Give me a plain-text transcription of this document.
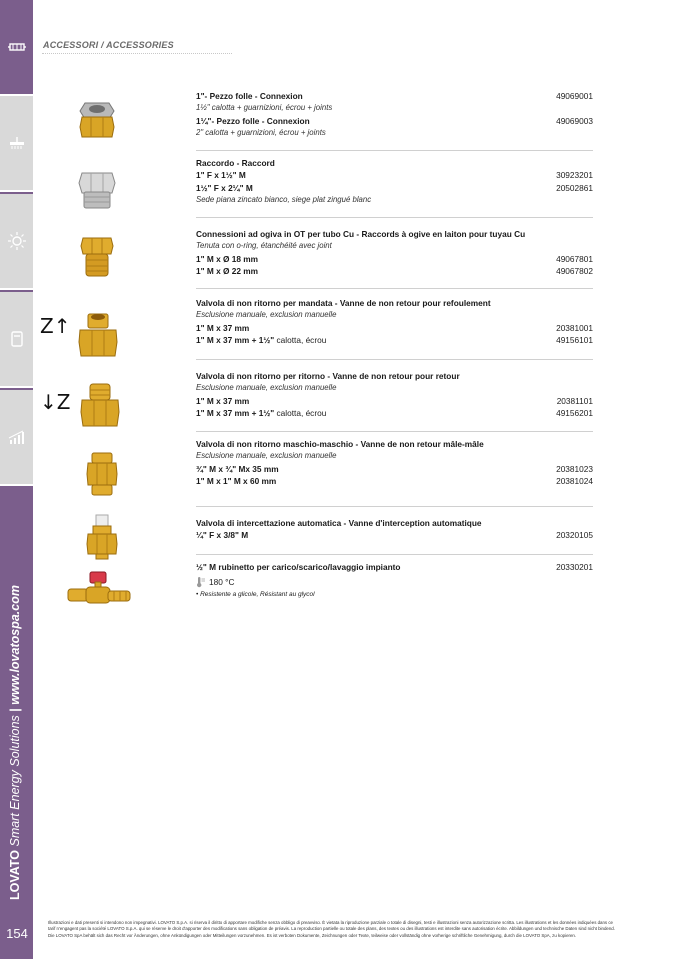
LOVATO Smart Energy Solutions | www.lovatospa.com
154
ACCESSORI / ACCESSORIES
1"- Pezzo folle - Connexion	49069001
1½" calotta + guarnizioni, écrou + joints
1¼"- Pezzo folle - Connexion	49069003
2" calotta + guarnizioni, écrou + joints
Raccordo - Raccord
1" F x 1½" M	30923201
1½" F x 2¼" M	20502861
Sede piana zincato bianco, siege plat zingué blanc
Connessioni ad ogiva in OT per tubo Cu - Raccords à ogive en laiton pour tuyau Cu
Tenuta con o-ring, étanchéité avec joint
1" M x Ø 18 mm	49067801
1" M x Ø 22 mm	49067802
Z↑
Valvola di non ritorno per mandata - Vanne de non retour pour refoulement
Esclusione manuale, exclusion manuelle
1" M x 37 mm	20381001
1" M x 37 mm + 1½" calotta, écrou	49156101
↓Z
Valvola di non ritorno per ritorno - Vanne de non retour pour retour
Esclusione manuale, exclusion manuelle
1" M x 37 mm	20381101
1" M x 37 mm + 1½" calotta, écrou	49156201
Valvola di non ritorno maschio-maschio - Vanne de non retour mâle-mâle
Esclusione manuale, exclusion manuelle
¾" M x ¾" Mx 35 mm	20381023
1" M x 1" M x 60 mm	20381024
Valvola di intercettazione automatica - Vanne d'interception automatique
¼" F x 3/8" M	20320105
½" M rubinetto per carico/scarico/lavaggio impianto	20330201
180 °C
• Resistente a glicole, Résistant au glycol
Illustrazioni e dati presenti si intendono non impegnativi. LOVATO S.p.A. si riserva il diritto di apportare modifiche senza obbligo di preavviso. È vietata la riproduzione parziale o totale di disegni, testi e illustrazioni senza autorizzazione scritta. Les illustrations et les données indiquées dans ce
tarif n'engagent pas la société LOVATO S.p.A. qui se réserve le droit d'apporter des modifications sans obligation de préavis. La reproduction partielle ou totale des plans, des textes ou des illustrations est interdite sans autorisation écrite. Abbildungen und technische Daten sind nicht bindend.
Die LOVATO SpA behält sich das Recht vor Änderungen, ohne Ankündigungen oder Mitteilungen vorzunehmen. Es ist verboten Dokumente, Zeichnungen oder Texte, teilweise oder vollständig ohne vorherige schriftliche Genehmigung, durch die LOVATO SpA, zu kopieren.
